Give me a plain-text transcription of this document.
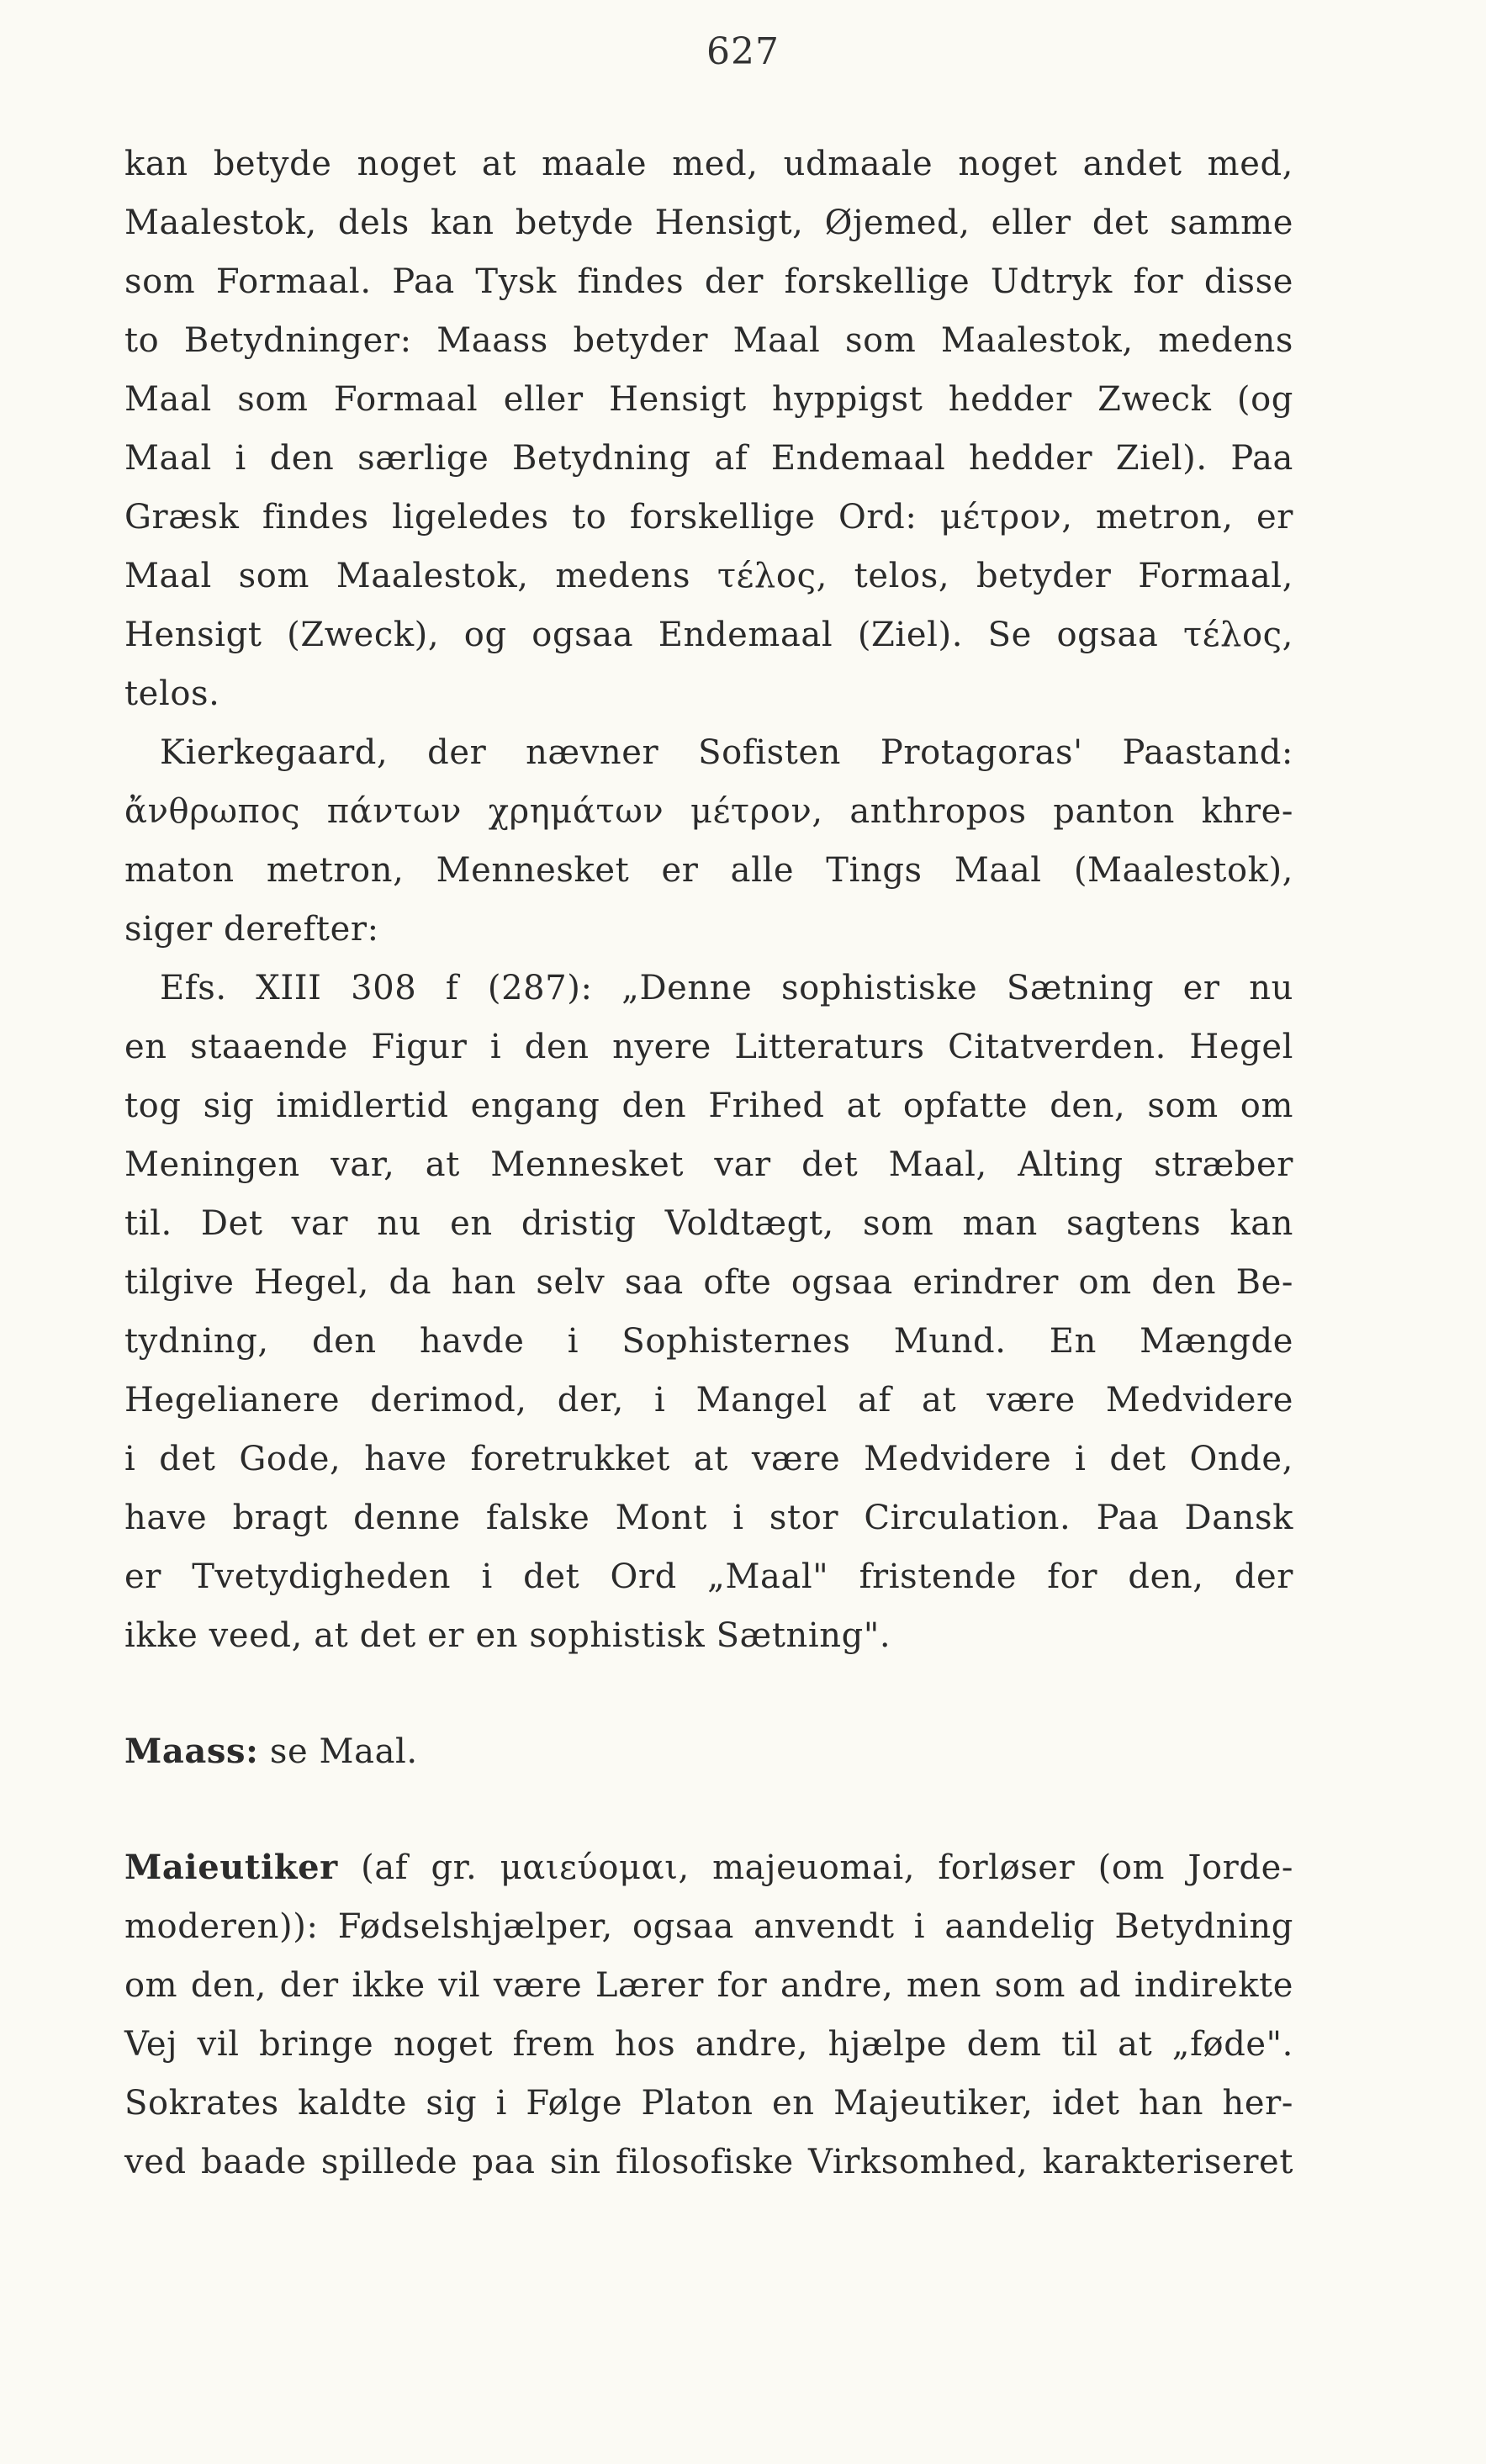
627
kan betyde noget at maale med, udmaale noget andet med,
Maalestok, dels kan betyde Hensigt, Øjemed, eller det samme
som Formaal. Paa Tysk findes der forskellige Udtryk for disse
to Betydninger: Maass betyder Maal som Maalestok, medens
Maal som Formaal eller Hensigt hyppigst hedder Zweck (og
Maal i den særlige Betydning af Endemaal hedder Ziel). Paa
Græsk findes ligeledes to forskellige Ord: μέτρον, metron, er
Maal som Maalestok, medens τέλος, telos, betyder Formaal,
Hensigt (Zweck), og ogsaa Endemaal (Ziel). Se ogsaa τέλος,
telos.
Kierkegaard, der nævner Sofisten Protagoras' Paastand:
ἄνθρωπος πάντων χρημάτων μέτρον, anthropos panton khre-
maton metron, Mennesket er alle Tings Maal (Maalestok),
siger derefter:
Efs. XIII 308 f (287): „Denne sophistiske Sætning er nu
en staaende Figur i den nyere Litteraturs Citatverden. Hegel
tog sig imidlertid engang den Frihed at opfatte den, som om
Meningen var, at Mennesket var det Maal, Alting stræber
til. Det var nu en dristig Voldtægt, som man sagtens kan
tilgive Hegel, da han selv saa ofte ogsaa erindrer om den Be-
tydning, den havde i Sophisternes Mund. En Mængde
Hegelianere derimod, der, i Mangel af at være Medvidere
i det Gode, have foretrukket at være Medvidere i det Onde,
have bragt denne falske Mont i stor Circulation. Paa Dansk
er Tvetydigheden i det Ord „Maal" fristende for den, der
ikke veed, at det er en sophistisk Sætning".
Maass: se Maal.
Maieutiker (af gr. μαιεύομαι, majeuomai, forløser (om Jorde-
moderen)): Fødselshjælper, ogsaa anvendt i aandelig Betydning
om den, der ikke vil være Lærer for andre, men som ad indirekte
Vej vil bringe noget frem hos andre, hjælpe dem til at „føde".
Sokrates kaldte sig i Følge Platon en Majeutiker, idet han her-
ved baade spillede paa sin filosofiske Virksomhed, karakteriseret
